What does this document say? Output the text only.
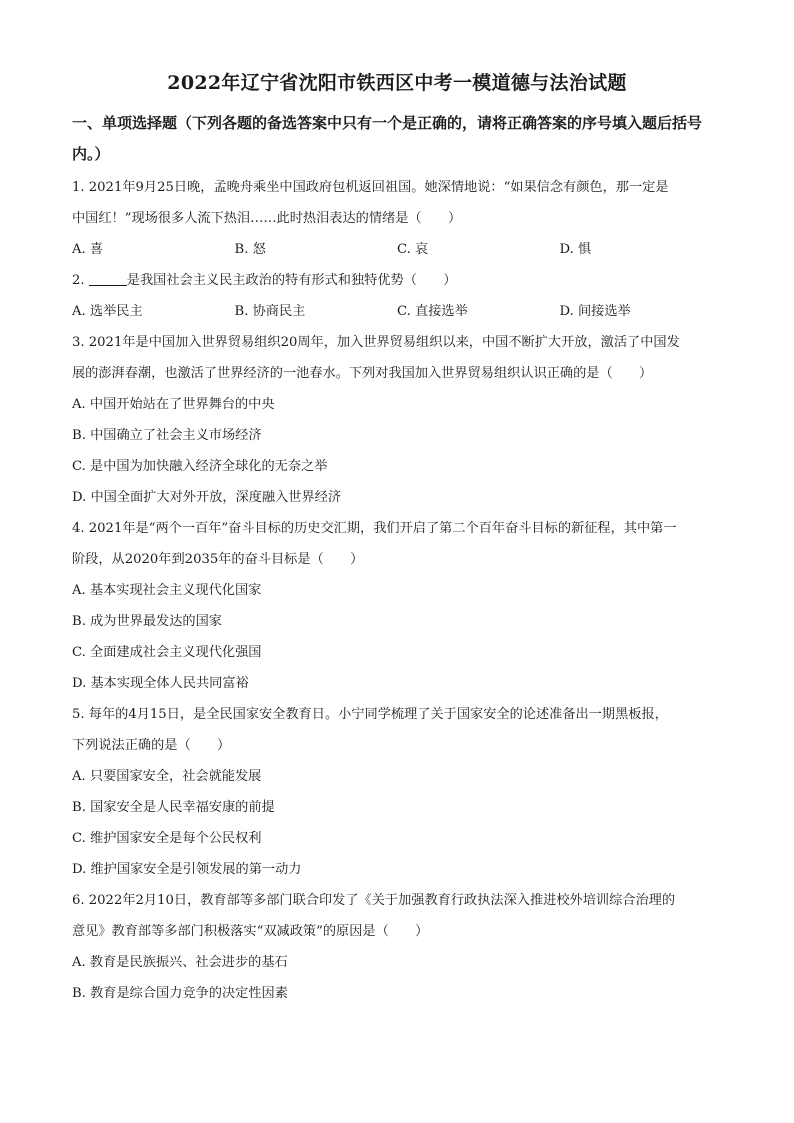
2022年辽宁省沈阳市铁西区中考一模道德与法治试题
一、单项选择题（下列各题的备选答案中只有一个是正确的，请将正确答案的序号填入题后括号内。）

1. 2021年9月25日晚，孟晚舟乘坐中国政府包机返回祖国。她深情地说：“如果信念有颜色，那一定是

中国红！”现场很多人流下热泪……此时热泪表达的情绪是（　　）

A. 喜	B. 怒	C. 哀	D. 惧

2.	是我国社会主义民主政治的特有形式和独特优势（　　）

A. 选举民主	B. 协商民主	C. 直接选举	D. 间接选举

3. 2021年是中国加入世界贸易组织20周年，加入世界贸易组织以来，中国不断扩大开放，激活了中国发

展的澎湃春潮，也激活了世界经济的一池春水。下列对我国加入世界贸易组织认识正确的是（　　）

A. 中国开始站在了世界舞台的中央

B. 中国确立了社会主义市场经济

C. 是中国为加快融入经济全球化的无奈之举

D. 中国全面扩大对外开放，深度融入世界经济

4. 2021年是“两个一百年”奋斗目标的历史交汇期，我们开启了第二个百年奋斗目标的新征程，其中第一

阶段，从2020年到2035年的奋斗目标是（　　）

A. 基本实现社会主义现代化国家

B. 成为世界最发达的国家

C. 全面建成社会主义现代化强国

D. 基本实现全体人民共同富裕

5. 每年的4月15日，是全民国家安全教育日。小宁同学梳理了关于国家安全的论述准备出一期黑板报，

下列说法正确的是（　　）

A. 只要国家安全，社会就能发展

B. 国家安全是人民幸福安康的前提

C. 维护国家安全是每个公民权利

D. 维护国家安全是引领发展的第一动力

6. 2022年2月10日，教育部等多部门联合印发了《关于加强教育行政执法深入推进校外培训综合治理的

意见》教育部等多部门积极落实“双减政策”的原因是（　　）

A. 教育是民族振兴、社会进步的基石

B. 教育是综合国力竞争的决定性因素
